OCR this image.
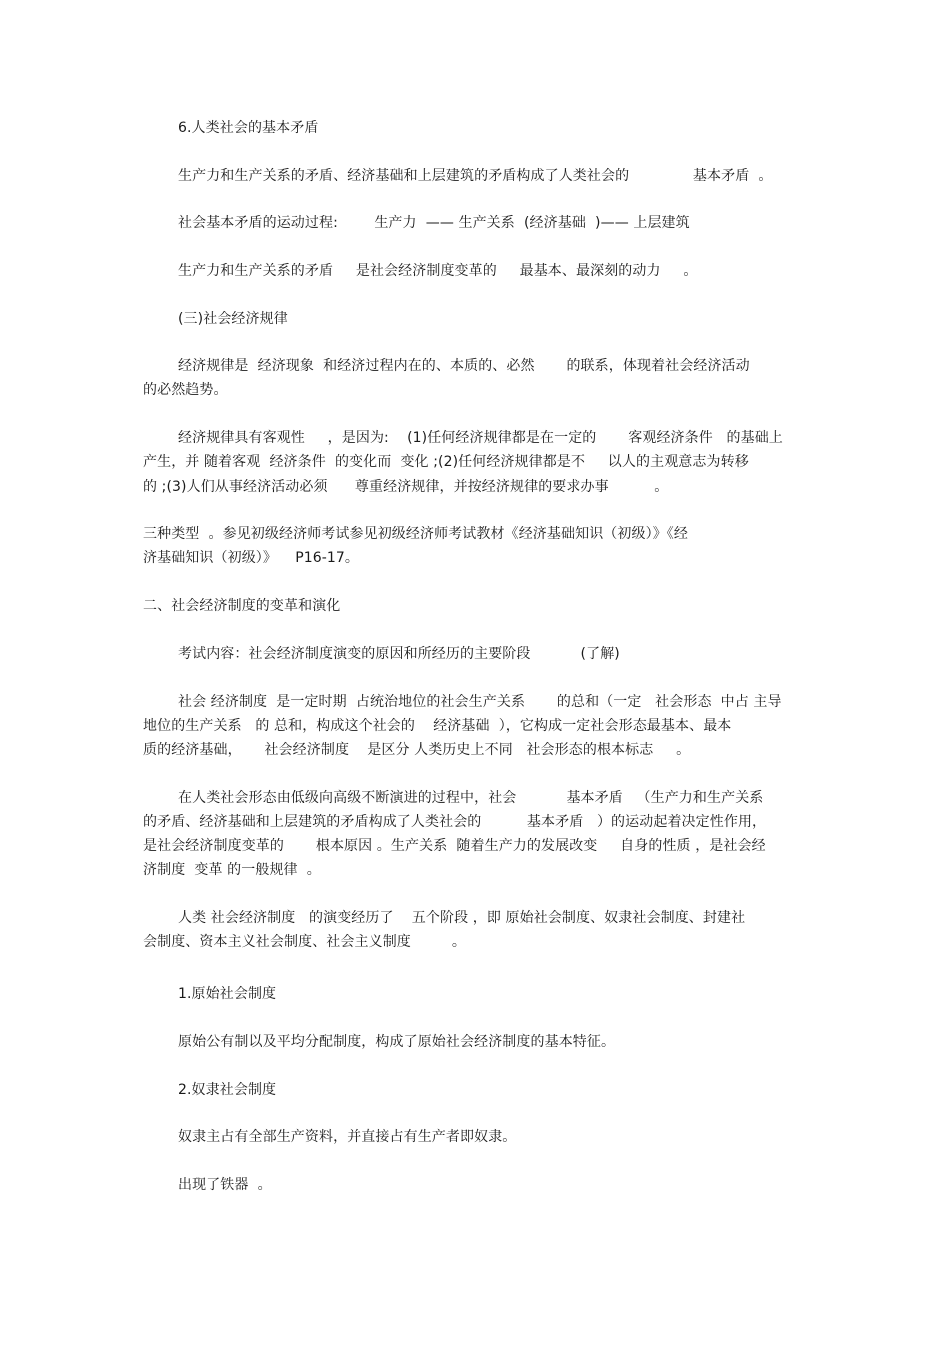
6.人类社会的基本矛盾
生产力和生产关系的矛盾、经济基础和上层建筑的矛盾构成了人类社会的              基本矛盾  。
社会基本矛盾的运动过程:        生产力  —— 生产关系  (经济基础  )—— 上层建筑
生产力和生产关系的矛盾     是社会经济制度变革的     最基本、最深刻的动力     。
(三)社会经济规律
经济规律是  经济现象  和经济过程内在的、本质的、必然       的联系，体现着社会经济活动
的必然趋势。
经济规律具有客观性     ，是因为:    (1)任何经济规律都是在一定的       客观经济条件   的基础上
产生，并 随着客观  经济条件  的变化而  变化 ;(2)任何经济规律都是不     以人的主观意志为转移
的 ;(3)人们从事经济活动必须      尊重经济规律，并按经济规律的要求办事          。
三种类型  。参见初级经济师考试参见初级经济师考试教材《经济基础知识（初级）》《经
济基础知识（初级）》    P16-17。
二、社会经济制度的变革和演化
考试内容：社会经济制度演变的原因和所经历的主要阶段           (了解)
社会 经济制度  是一定时期  占统治地位的社会生产关系       的总和（一定   社会形态  中占 主导
地位的生产关系   的 总和，构成这个社会的    经济基础  ），它构成一定社会形态最基本、最本
质的经济基础，     社会经济制度    是区分 人类历史上不同   社会形态的根本标志     。
在人类社会形态由低级向高级不断演进的过程中，社会           基本矛盾   （生产力和生产关系
的矛盾、经济基础和上层建筑的矛盾构成了人类社会的          基本矛盾   ）的运动起着决定性作用，
是社会经济制度变革的       根本原因 。生产关系  随着生产力的发展改变     自身的性质 ，是社会经
济制度  变革 的一般规律  。
人类 社会经济制度   的演变经历了    五个阶段 ，即 原始社会制度、奴隶社会制度、封建社
会制度、资本主义社会制度、社会主义制度         。
1.原始社会制度
原始公有制以及平均分配制度，构成了原始社会经济制度的基本特征。
2.奴隶社会制度
奴隶主占有全部生产资料，并直接占有生产者即奴隶。
出现了铁器  。
